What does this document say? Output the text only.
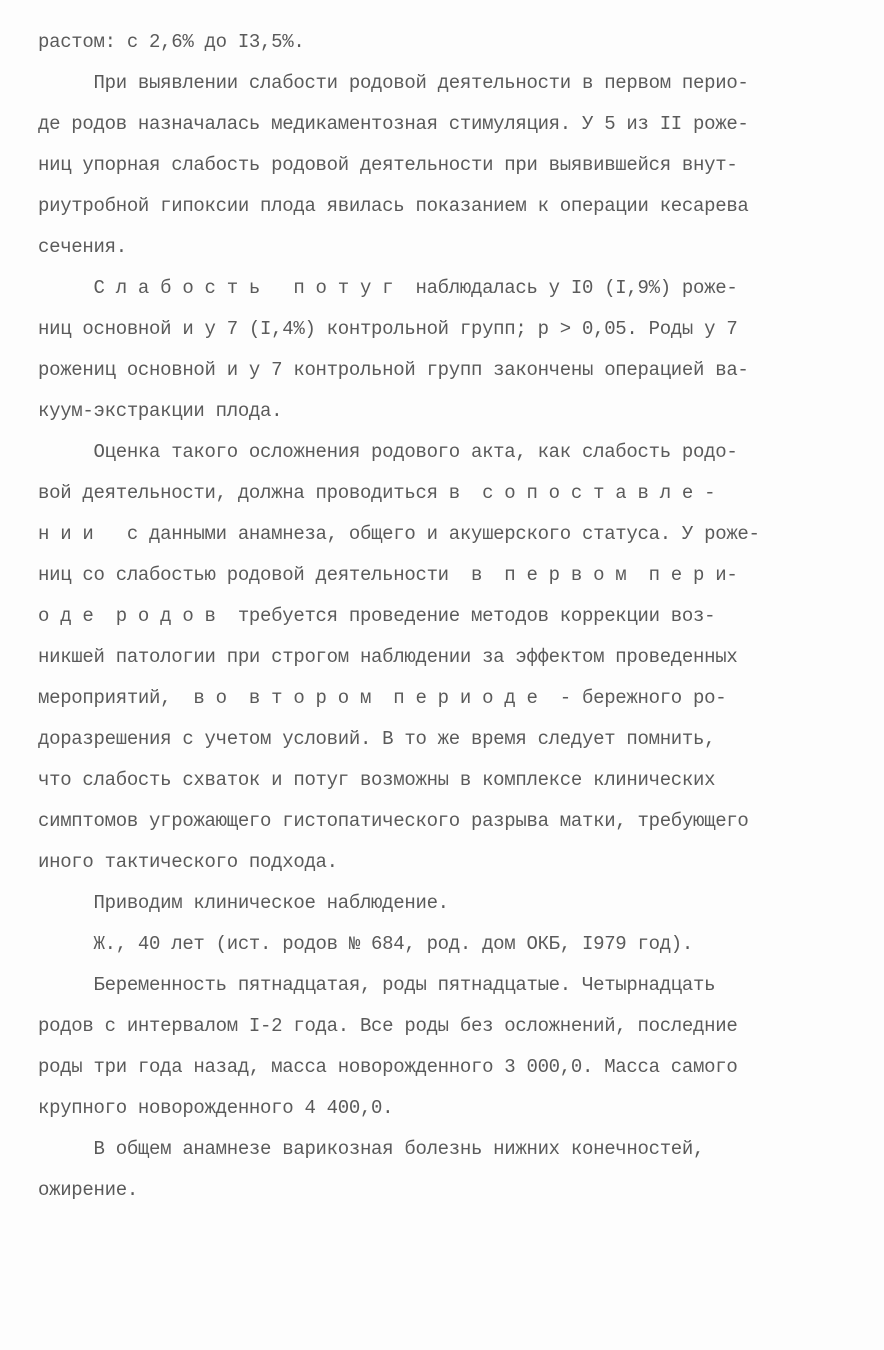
растом: с 2,6% до I3,5%.
При выявлении слабости родовой деятельности в первом перио-
де родов назначалась медикаментозная стимуляция. У 5 из II роже-
ниц упорная слабость родовой деятельности при выявившейся внут-
риутробной гипоксии плода явилась показанием к операции кесарева
сечения.
С л а б о с т ь   п о т у г  наблюдалась у I0 (I,9%) роже-
ниц основной и у 7 (I,4%) контрольной групп; p > 0,05. Роды у 7
рожениц основной и у 7 контрольной групп закончены операцией ва-
куум-экстракции плода.
Оценка такого осложнения родового акта, как слабость родо-
вой деятельности, должна проводиться в  с о п о с т а в л е -
н и и   с данными анамнеза, общего и акушерского статуса. У роже-
ниц со слабостью родовой деятельности  в  п е р в о м  п е р и-
о д е  р о д о в  требуется проведение методов коррекции воз-
никшей патологии при строгом наблюдении за эффектом проведенных
мероприятий,  в о  в т о р о м  п е р и о д е  - бережного ро-
доразрешения с учетом условий. В то же время следует помнить,
что слабость схваток и потуг возможны в комплексе клинических
симптомов угрожающего гистопатического разрыва матки, требующего
иного тактического подхода.
Приводим клиническое наблюдение.
Ж., 40 лет (ист. родов № 684, род. дом ОКБ, I979 год).
Беременность пятнадцатая, роды пятнадцатые. Четырнадцать
родов с интервалом I-2 года. Все роды без осложнений, последние
роды три года назад, масса новорожденного 3 000,0. Масса самого
крупного новорожденного 4 400,0.
В общем анамнезе варикозная болезнь нижних конечностей,
ожирение.
